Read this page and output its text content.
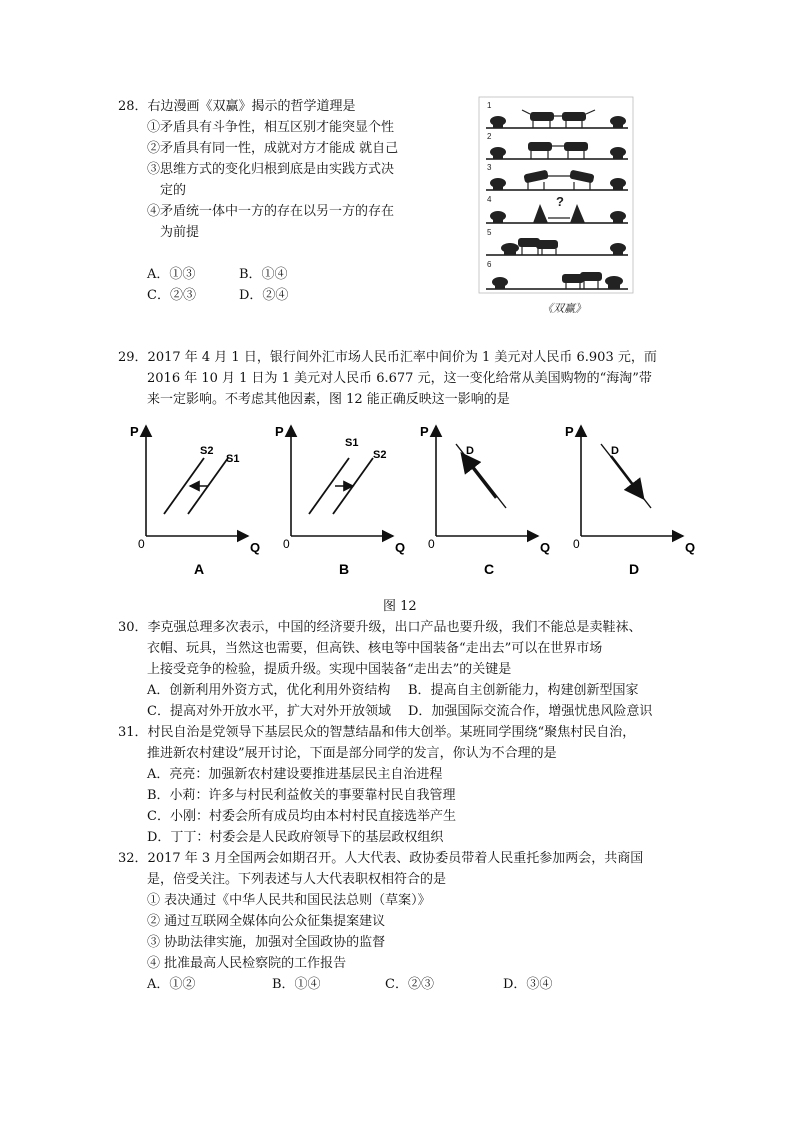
28．右边漫画《双赢》揭示的哲学道理是
①矛盾具有斗争性，相互区别才能突显个性
②矛盾具有同一性，成就对方才能成 就自己
③思维方式的变化归根到底是由实践方式决
定的
④矛盾统一体中一方的存在以另一方的存在
为前提
A．①③	B．①④
C．②③	D．②④
1
2
3
4
5
6
?
《双赢》
29．2017 年 4 月 1 日，银行间外汇市场人民币汇率中间价为 1 美元对人民币 6.903 元，而
2016 年 10 月 1 日为 1 美元对人民币 6.677 元，这一变化给常从美国购物的“海淘”带
来一定影响。不考虑其他因素，图 12 能正确反映这一影响的是
P
Q
0
A
S2
S1
P
Q
0
B
S1
S2
P
Q
0
C
D
P
Q
0
D
D
图 12
30．李克强总理多次表示，中国的经济要升级，出口产品也要升级，我们不能总是卖鞋袜、
衣帽、玩具，当然这也需要，但高铁、核电等中国装备“走出去”可以在世界市场
上接受竞争的检验，提质升级。实现中国装备“走出去”的关键是
A．创新利用外资方式，优化利用外资结构 B．提高自主创新能力，构建创新型国家
C．提高对外开放水平，扩大对外开放领域 D．加强国际交流合作，增强忧患风险意识
31．村民自治是党领导下基层民众的智慧结晶和伟大创举。某班同学围绕“聚焦村民自治，
推进新农村建设”展开讨论，下面是部分同学的发言，你认为不合理的是
A．亮亮：加强新农村建设要推进基层民主自治进程
B．小莉：许多与村民利益攸关的事要靠村民自我管理
C．小刚：村委会所有成员均由本村村民直接选举产生
D．丁丁：村委会是人民政府领导下的基层政权组织
32．2017 年 3 月全国两会如期召开。人大代表、政协委员带着人民重托参加两会，共商国
是，倍受关注。下列表述与人大代表职权相符合的是
① 表决通过《中华人民共和国民法总则（草案）》
② 通过互联网全媒体向公众征集提案建议
③ 协助法律实施，加强对全国政协的监督
④ 批准最高人民检察院的工作报告
A．①②	B．①④	C．②③	D．③④
